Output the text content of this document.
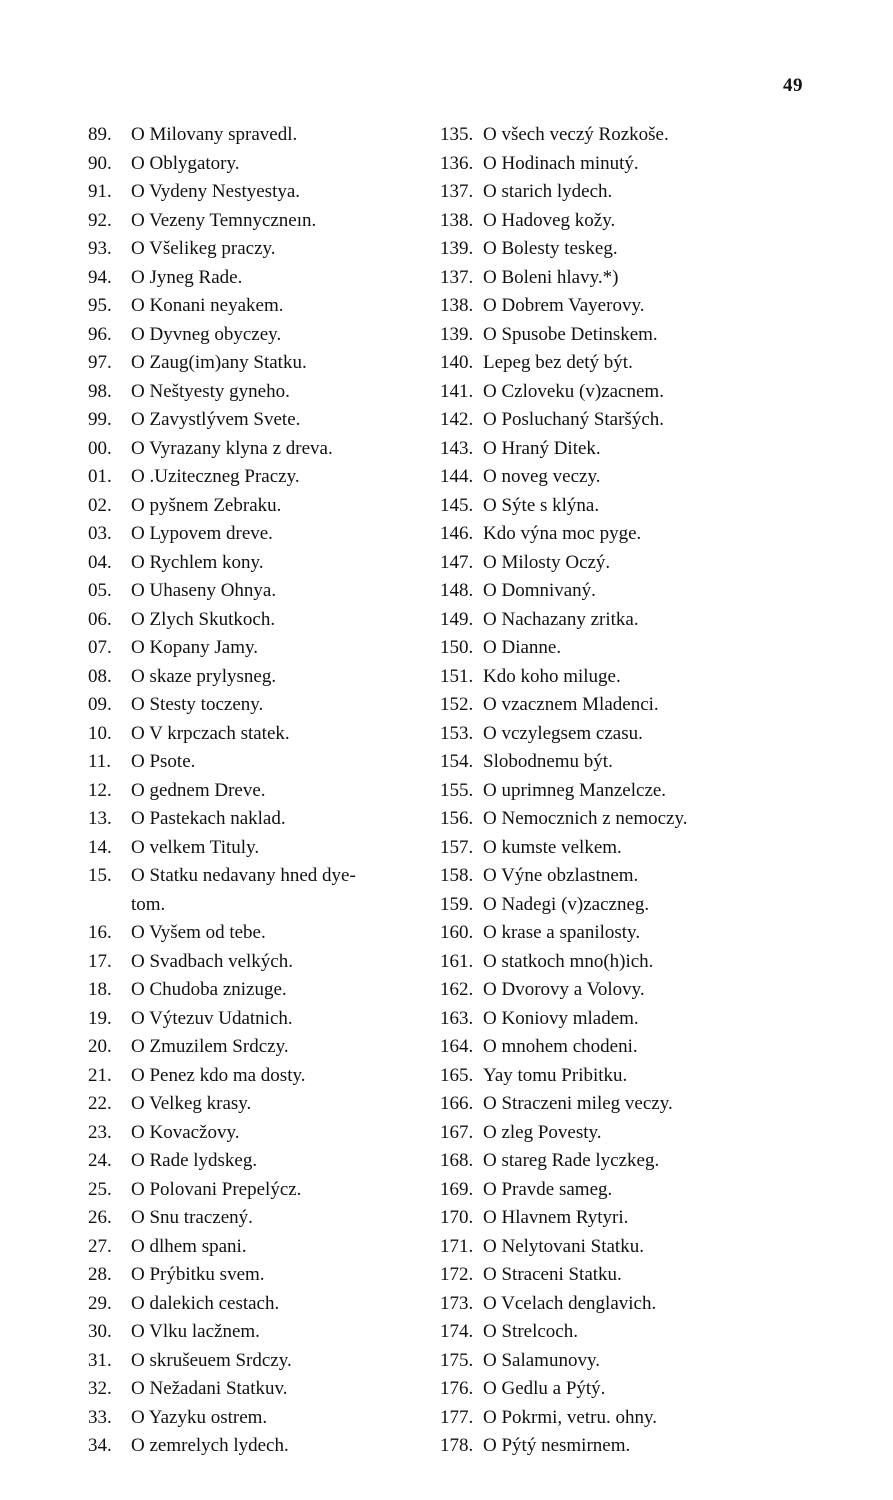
49
89.	O Milovany spravedl.
90.	O Oblygatory.
91.	O Vydeny Nestyestya.
92.	O Vezeny Temnyczneın.
93.	O Všelikeg praczy.
94.	O Jyneg Rade.
95.	O Konani neyakem.
96.	O Dyvneg obyczey.
97.	O Zaug(im)any Statku.
98.	O Neštyesty gyneho.
99.	O Zavystlývem Svete.
00.	O Vyrazany klyna z dreva.
01.	O .Uziteczneg Praczy.
02.	O pyšnem Zebraku.
03.	O Lypovem dreve.
04.	O Rychlem kony.
05.	O Uhaseny Ohnya.
06.	O Zlych Skutkoch.
07.	O Kopany Jamy.
08.	O skaze prylysneg.
09.	O Stesty toczeny.
10.	O V krpczach statek.
11.	O Psote.
12.	O gednem Dreve.
13.	O Pastekach naklad.
14.	O velkem Tituly.
15.	O Statku nedavany hned dye-
tom.
16.	O Vyšem od tebe.
17.	O Svadbach velkých.
18.	O Chudoba znizuge.
19.	O Výtezuv Udatnich.
20.	O Zmuzilem Srdczy.
21.	O Penez kdo ma dosty.
22.	O Velkeg krasy.
23.	O Kovacžovy.
24.	O Rade lydskeg.
25.	O Polovani Prepelýcz.
26.	O Snu traczený.
27.	O dlhem spani.
28.	O Prýbitku svem.
29.	O dalekich cestach.
30.	O Vlku lacžnem.
31.	O skrušeuem Srdczy.
32.	O Nežadani Statkuv.
33.	O Yazyku ostrem.
34.	O zemrelych lydech.
135. O všech veczý Rozkoše.
136. O Hodinach minutý.
137. O starich lydech.
138. O Hadoveg kožy.
139. O Bolesty teskeg.
137. O Boleni hlavy.*)
138. O Dobrem Vayerovy.
139. O Spusobe Detinskem.
140. Lepeg bez detý být.
141. O Czloveku (v)zacnem.
142. O Posluchaný Staršých.
143. O Hraný Ditek.
144. O noveg veczy.
145. O Sýte s klýna.
146. Kdo výna moc pyge.
147. O Milosty Oczý.
148. O Domnivaný.
149. O Nachazany zritka.
150. O Dianne.
151. Kdo koho miluge.
152. O vzacznem Mladenci.
153. O vczylegsem czasu.
154. Slobodnemu být.
155. O uprimneg Manzelcze.
156. O Nemocznich z nemoczy.
157. O kumste velkem.
158. O Výne obzlastnem.
159. O Nadegi (v)zaczneg.
160. O krase a spanilosty.
161. O statkoch mno(h)ich.
162. O Dvorovy a Volovy.
163. O Koniovy mladem.
164. O mnohem chodeni.
165. Yay tomu Pribitku.
166. O Straczeni mileg veczy.
167. O zleg Povesty.
168. O stareg Rade lyczkeg.
169. O Pravde sameg.
170. O Hlavnem Rytyri.
171. O Nelytovani Statku.
172. O Straceni Statku.
173. O Vcelach denglavich.
174. O Strelcoch.
175. O Salamunovy.
176. O Gedlu a Pýtý.
177. O Pokrmi, vetru. ohny.
178. O Pýtý nesmirnem.
